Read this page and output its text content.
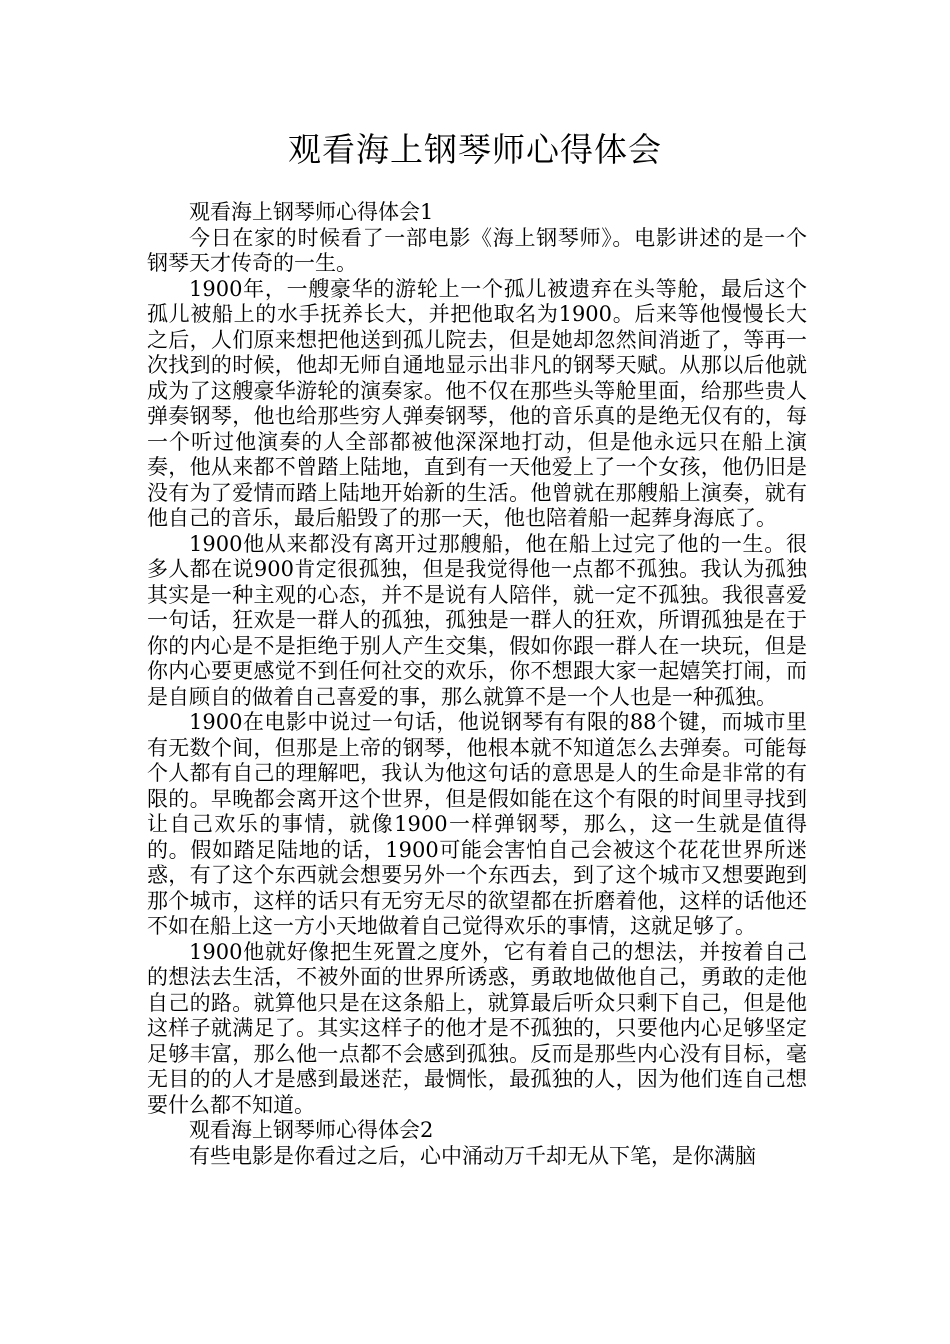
观看海上钢琴师心得体会

观看海上钢琴师心得体会1

今日在家的时候看了一部电影《海上钢琴师》。电影讲述的是一个钢琴天才传奇的一生。

1900年，一艘豪华的游轮上一个孤儿被遗弃在头等舱，最后这个孤儿被船上的水手抚养长大，并把他取名为1900。后来等他慢慢长大之后，人们原来想把他送到孤儿院去，但是她却忽然间消逝了，等再一次找到的时候，他却无师自通地显示出非凡的钢琴天赋。从那以后他就成为了这艘豪华游轮的演奏家。他不仅在那些头等舱里面，给那些贵人弹奏钢琴，他也给那些穷人弹奏钢琴，他的音乐真的是绝无仅有的，每一个听过他演奏的人全部都被他深深地打动，但是他永远只在船上演奏，他从来都不曾踏上陆地，直到有一天他爱上了一个女孩，他仍旧是没有为了爱情而踏上陆地开始新的生活。他曾就在那艘船上演奏，就有他自己的音乐，最后船毁了的那一天，他也陪着船一起葬身海底了。

1900他从来都没有离开过那艘船，他在船上过完了他的一生。很多人都在说900肯定很孤独，但是我觉得他一点都不孤独。我认为孤独其实是一种主观的心态，并不是说有人陪伴，就一定不孤独。我很喜爱一句话，狂欢是一群人的孤独，孤独是一群人的狂欢，所谓孤独是在于你的内心是不是拒绝于别人产生交集，假如你跟一群人在一块玩，但是你内心要更感觉不到任何社交的欢乐，你不想跟大家一起嬉笑打闹，而是自顾自的做着自己喜爱的事，那么就算不是一个人也是一种孤独。

1900在电影中说过一句话，他说钢琴有有限的88个键，而城市里有无数个间，但那是上帝的钢琴，他根本就不知道怎么去弹奏。可能每个人都有自己的理解吧，我认为他这句话的意思是人的生命是非常的有限的。早晚都会离开这个世界，但是假如能在这个有限的时间里寻找到让自己欢乐的事情，就像1900一样弹钢琴，那么，这一生就是值得的。假如踏足陆地的话，1900可能会害怕自己会被这个花花世界所迷惑，有了这个东西就会想要另外一个东西去，到了这个城市又想要跑到那个城市，这样的话只有无穷无尽的欲望都在折磨着他，这样的话他还不如在船上这一方小天地做着自己觉得欢乐的事情，这就足够了。

1900他就好像把生死置之度外，它有着自己的想法，并按着自己的想法去生活，不被外面的世界所诱惑，勇敢地做他自己，勇敢的走他自己的路。就算他只是在这条船上，就算最后听众只剩下自己，但是他这样子就满足了。其实这样子的他才是不孤独的，只要他内心足够坚定足够丰富，那么他一点都不会感到孤独。反而是那些内心没有目标，毫无目的的人才是感到最迷茫，最惆怅，最孤独的人，因为他们连自己想要什么都不知道。

观看海上钢琴师心得体会2

有些电影是你看过之后，心中涌动万千却无从下笔，是你满脑
